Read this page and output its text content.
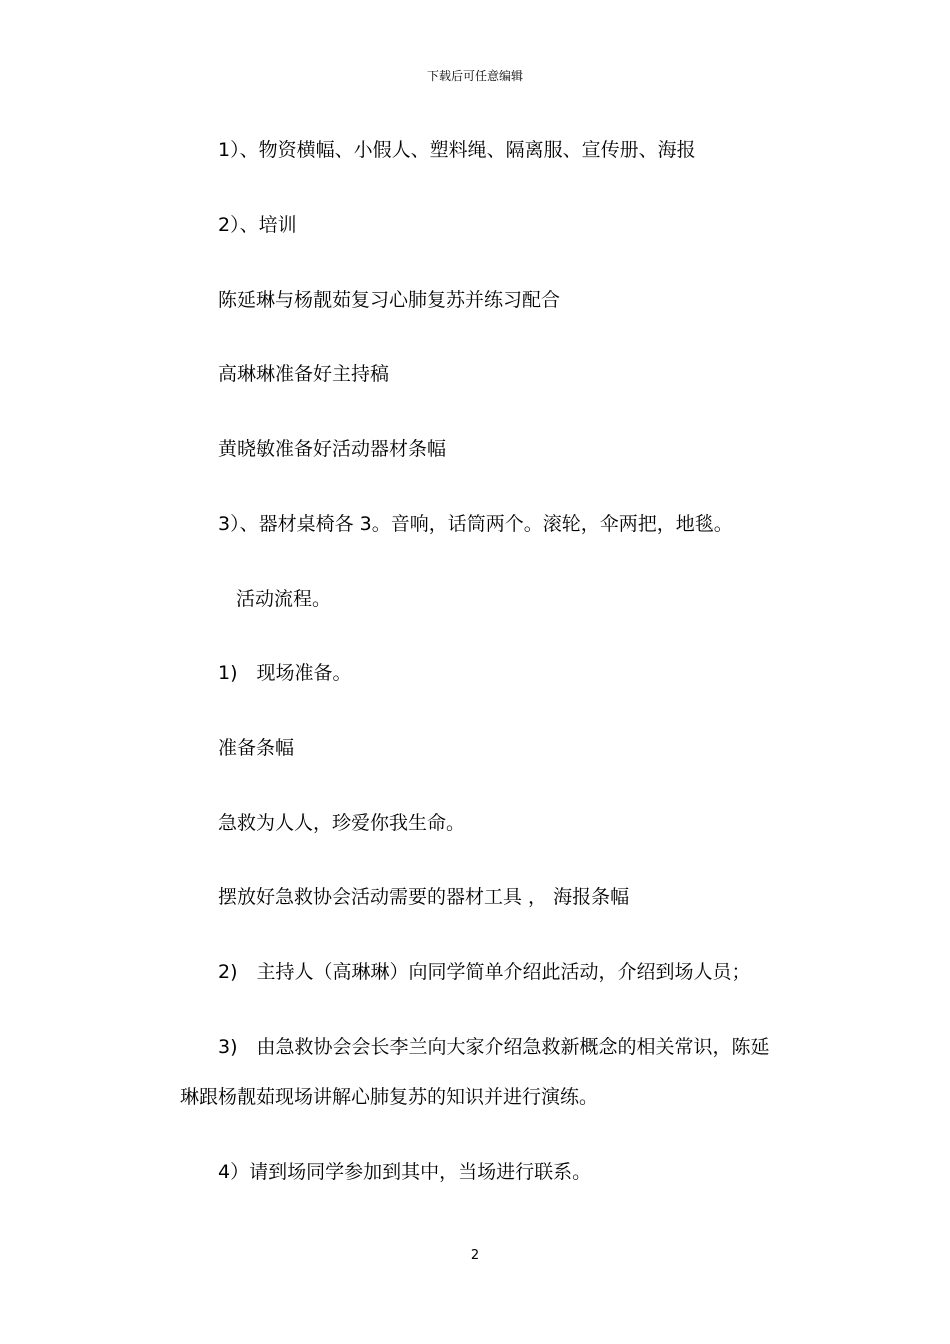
下载后可任意编辑
1）、物资横幅、小假人、塑料绳、隔离服、宣传册、海报
2）、培训
陈延琳与杨靓茹复习心肺复苏并练习配合
高琳琳准备好主持稿
黄晓敏准备好活动器材条幅
3）、器材桌椅各 3。音响，话筒两个。滚轮，伞两把，地毯。
活动流程。
1)　现场准备。
准备条幅
急救为人人，珍爱你我生命。
摆放好急救协会活动需要的器材工具 ， 海报条幅
2)　主持人（高琳琳）向同学简单介绍此活动，介绍到场人员；
3)　由急救协会会长李兰向大家介绍急救新概念的相关常识，陈延
琳跟杨靓茹现场讲解心肺复苏的知识并进行演练。
4）请到场同学参加到其中，当场进行联系。
2
